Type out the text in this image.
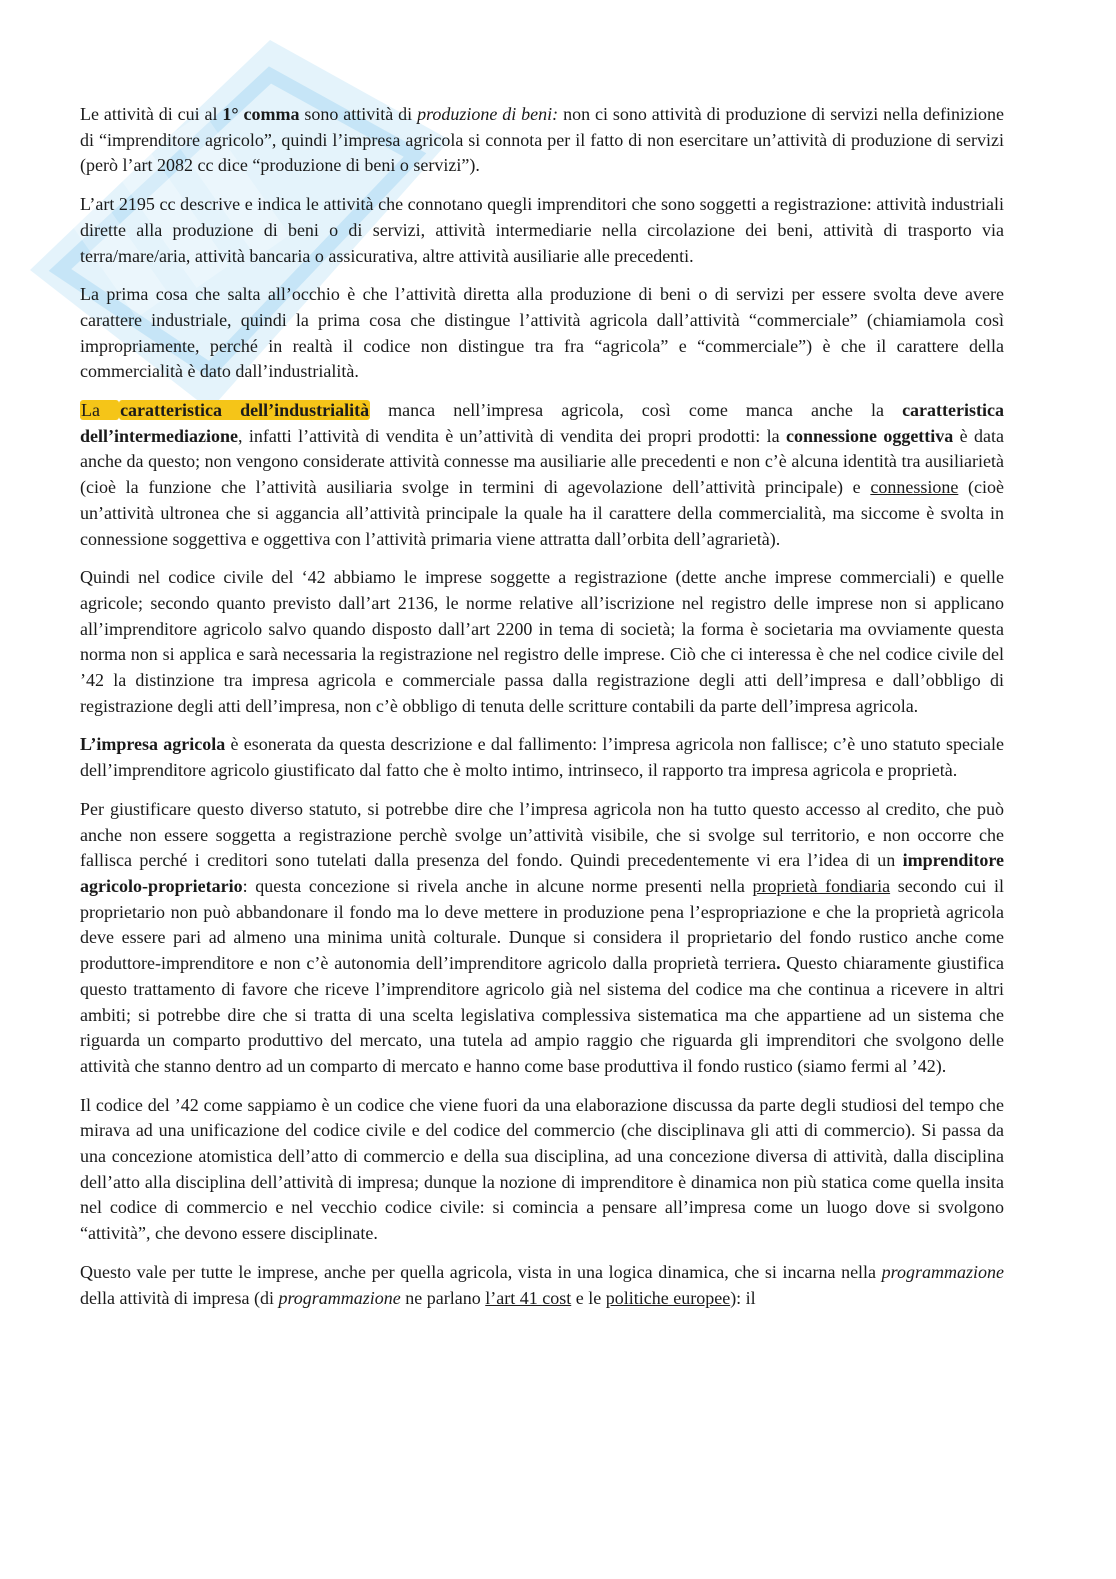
Le attività di cui al 1° comma sono attività di produzione di beni: non ci sono attività di produzione di servizi nella definizione di “imprenditore agricolo”, quindi l’impresa agricola si connota per il fatto di non esercitare un’attività di produzione di servizi (però l’art 2082 cc dice “produzione di beni o servizi”).

L’art 2195 cc descrive e indica le attività che connotano quegli imprenditori che sono soggetti a registrazione: attività industriali dirette alla produzione di beni o di servizi, attività intermediarie nella circolazione dei beni, attività di trasporto via terra/mare/aria, attività bancaria o assicurativa, altre attività ausiliarie alle precedenti.

La prima cosa che salta all’occhio è che l’attività diretta alla produzione di beni o di servizi per essere svolta deve avere carattere industriale, quindi la prima cosa che distingue l’attività agricola dall’attività “commerciale” (chiamiamola così impropriamente, perché in realtà il codice non distingue tra fra “agricola” e “commerciale”) è che il carattere della commercialità è dato dall’industrialità.

La caratteristica dell’industrialità manca nell’impresa agricola, così come manca anche la caratteristica dell’intermediazione, infatti l’attività di vendita è un’attività di vendita dei propri prodotti: la connessione oggettiva è data anche da questo; non vengono considerate attività connesse ma ausiliarie alle precedenti e non c’è alcuna identità tra ausiliarietà (cioè la funzione che l’attività ausiliaria svolge in termini di agevolazione dell’attività principale) e connessione (cioè un’attività ultronea che si aggancia all’attività principale la quale ha il carattere della commercialità, ma siccome è svolta in connessione soggettiva e oggettiva con l’attività primaria viene attratta dall’orbita dell’agrarietà).

Quindi nel codice civile del ‘42 abbiamo le imprese soggette a registrazione (dette anche imprese commerciali) e quelle agricole; secondo quanto previsto dall’art 2136, le norme relative all’iscrizione nel registro delle imprese non si applicano all’imprenditore agricolo salvo quando disposto dall’art 2200 in tema di società; la forma è societaria ma ovviamente questa norma non si applica e sarà necessaria la registrazione nel registro delle imprese. Ciò che ci interessa è che nel codice civile del ’42 la distinzione tra impresa agricola e commerciale passa dalla registrazione degli atti dell’impresa e dall’obbligo di registrazione degli atti dell’impresa, non c’è obbligo di tenuta delle scritture contabili da parte dell’impresa agricola.

L’impresa agricola è esonerata da questa descrizione e dal fallimento: l’impresa agricola non fallisce; c’è uno statuto speciale dell’imprenditore agricolo giustificato dal fatto che è molto intimo, intrinseco, il rapporto tra impresa agricola e proprietà.

Per giustificare questo diverso statuto, si potrebbe dire che l’impresa agricola non ha tutto questo accesso al credito, che può anche non essere soggetta a registrazione perchè svolge un’attività visibile, che si svolge sul territorio, e non occorre che fallisca perché i creditori sono tutelati dalla presenza del fondo. Quindi precedentemente vi era l’idea di un imprenditore agricolo-proprietario: questa concezione si rivela anche in alcune norme presenti nella proprietà fondiaria secondo cui il proprietario non può abbandonare il fondo ma lo deve mettere in produzione pena l’espropriazione e che la proprietà agricola deve essere pari ad almeno una minima unità colturale. Dunque si considera il proprietario del fondo rustico anche come produttore-imprenditore e non c’è autonomia dell’imprenditore agricolo dalla proprietà terriera. Questo chiaramente giustifica questo trattamento di favore che riceve l’imprenditore agricolo già nel sistema del codice ma che continua a ricevere in altri ambiti; si potrebbe dire che si tratta di una scelta legislativa complessiva sistematica ma che appartiene ad un sistema che riguarda un comparto produttivo del mercato, una tutela ad ampio raggio che riguarda gli imprenditori che svolgono delle attività che stanno dentro ad un comparto di mercato e hanno come base produttiva il fondo rustico (siamo fermi al ’42).

Il codice del ’42 come sappiamo è un codice che viene fuori da una elaborazione discussa da parte degli studiosi del tempo che mirava ad una unificazione del codice civile e del codice del commercio (che disciplinava gli atti di commercio). Si passa da una concezione atomistica dell’atto di commercio e della sua disciplina, ad una concezione diversa di attività, dalla disciplina dell’atto alla disciplina dell’attività di impresa; dunque la nozione di imprenditore è dinamica non più statica come quella insita nel codice di commercio e nel vecchio codice civile: si comincia a pensare all’impresa come un luogo dove si svolgono “attività”, che devono essere disciplinate.

Questo vale per tutte le imprese, anche per quella agricola, vista in una logica dinamica, che si incarna nella programmazione della attività di impresa (di programmazione ne parlano l’art 41 cost e le politiche europee): il
